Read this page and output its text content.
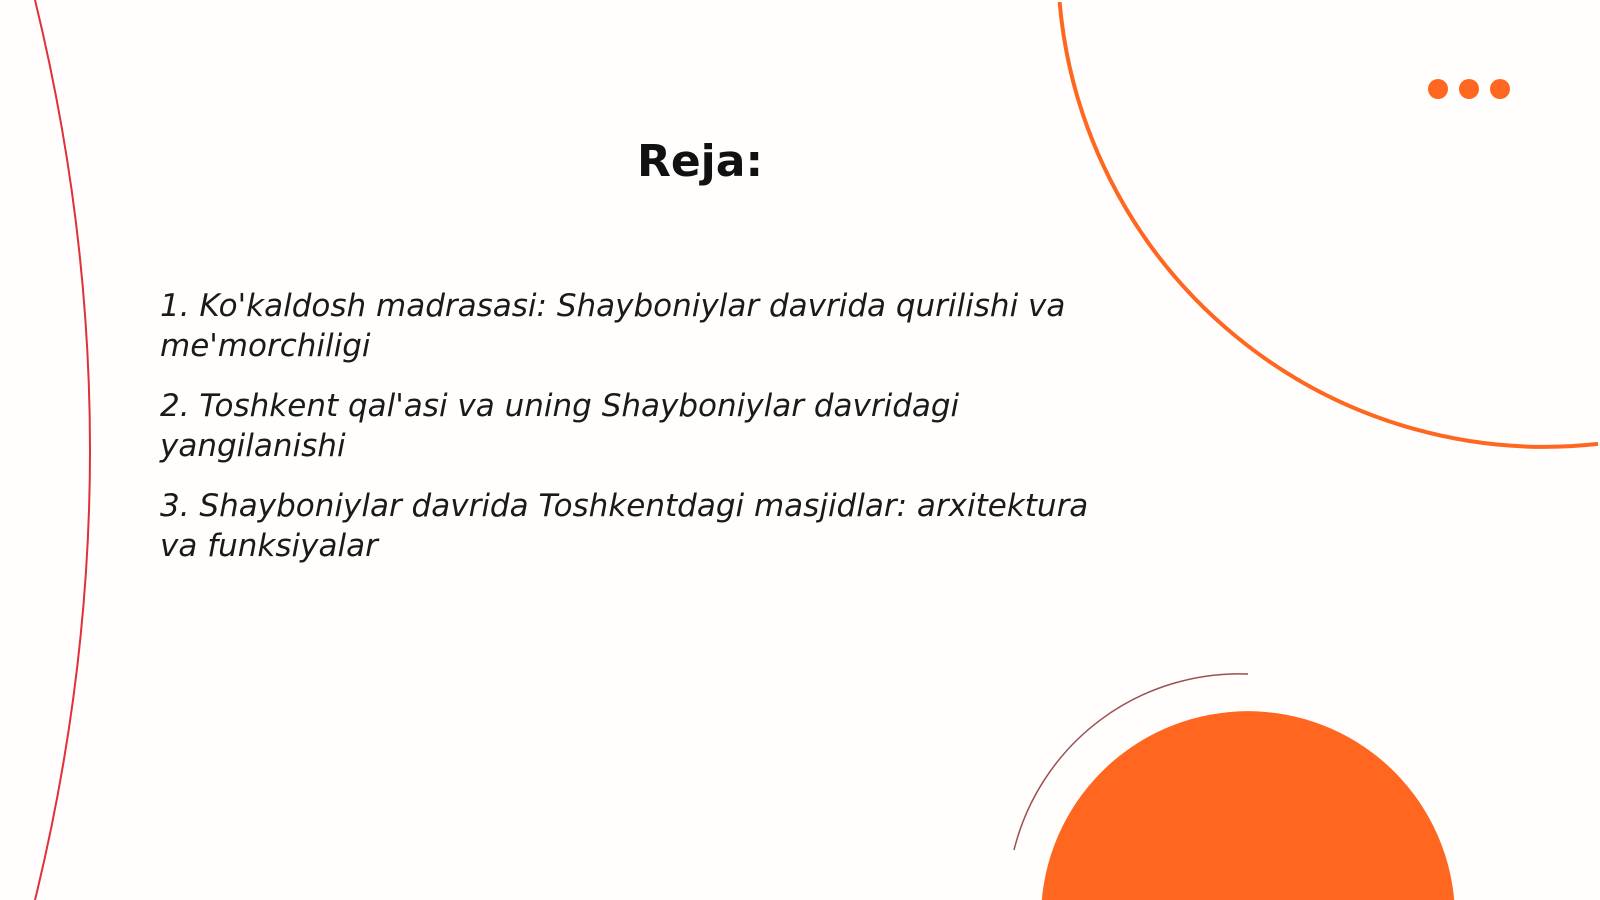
Reja:
1. Ko'kaldosh madrasasi: Shayboniylar davrida qurilishi va me'morchiligi
2. Toshkent qal'asi va uning Shayboniylar davridagi yangilanishi
3. Shayboniylar davrida Toshkentdagi masjidlar: arxitektura va funksiyalar
